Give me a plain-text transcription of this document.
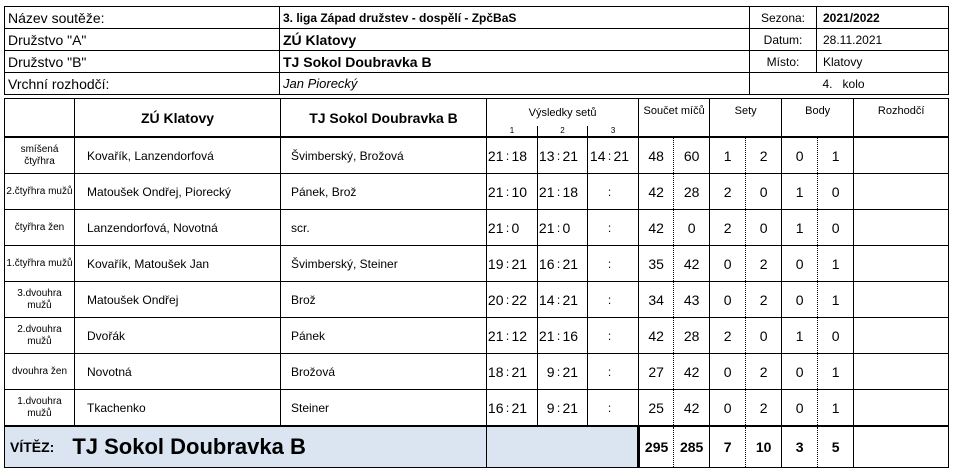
Název soutěže:	3. liga Západ družstev - dospělí - ZpčBaS	Sezona:	2021/2022
Družstvo "A"	ZÚ Klatovy	Datum:	28.11.2021
Družstvo "B"	TJ Sokol Doubravka B	Místo:	Klatovy
Vrchní rozhodčí:	Jan Piorecký		4. kolo
	ZÚ Klatovy	TJ Sokol Doubravka B	Výsledky setů									Součet míčů		Sety		Body		Rozhodčí
			1			2			3									
smíšená čtyřhra	Kovařík, Lanzendorfová	Švimberský, Brožová	21	:	18	13	:	21	14	:	21	48	60	1	2	0	1	
2.čtyřhra mužů	Matoušek Ondřej, Piorecký	Pánek, Brož	21	:	10	21	:	18		:		42	28	2	0	1	0	
čtyřhra žen	Lanzendorfová, Novotná	scr.	21	:	0	21	:	0		:		42	0	2	0	1	0	
1.čtyřhra mužů	Kovařík, Matoušek Jan	Švimberský, Steiner	19	:	21	16	:	21		:		35	42	0	2	0	1	
3.dvouhra mužů	Matoušek Ondřej	Brož	20	:	22	14	:	21		:		34	43	0	2	0	1	
2.dvouhra mužů	Dvořák	Pánek	21	:	12	21	:	16		:		42	28	2	0	1	0	
dvouhra žen	Novotná	Brožová	18	:	21	9	:	21		:		27	42	0	2	0	1	
1.dvouhra mužů	Tkachenko	Steiner	16	:	21	9	:	21		:		25	42	0	2	0	1	
VÍTĚZ: TJ Sokol Doubravka B												295	285	7	10	3	5	
